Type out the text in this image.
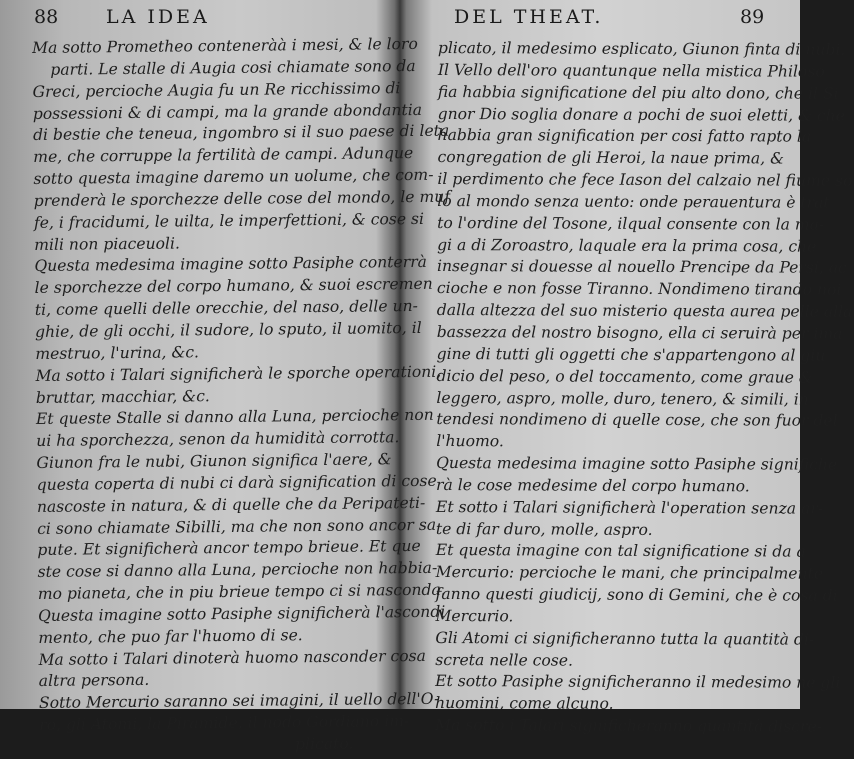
88	LA IDEA
Ma sotto Prometheo conteneràà i mesi, & le loro
parti. Le stalle di Augia cosi chiamate sono da
Greci, percioche Augia fu un Re ricchissimo di
possessioni & di campi, ma la grande abondantia
di bestie che teneua, ingombro si il suo paese di leta
me, che corruppe la fertilità de campi. Adunque
sotto questa imagine daremo un uolume, che com-
prenderà le sporchezze delle cose del mondo, le muf
fe, i fracidumi, le uilta, le imperfettioni, & cose si
mili non piaceuoli.
Questa medesima imagine sotto Pasiphe conterrà
le sporchezze del corpo humano, & suoi escremen
ti, come quelli delle orecchie, del naso, delle un-
ghie, de gli occhi, il sudore, lo sputo, il uomito, il
mestruo, l'urina, &c.
Ma sotto i Talari significherà le sporche operationi,
bruttar, macchiar, &c.
Et queste Stalle si danno alla Luna, percioche non
ui ha sporchezza, senon da humidità corrotta.
Giunon fra le nubi, Giunon significa l'aere, &
questa coperta di nubi ci darà signification di cose
nascoste in natura, & di quelle che da Peripateti-
ci sono chiamate Sibilli, ma che non sono ancor sa
pute. Et significherà ancor tempo brieue. Et que
ste cose si danno alla Luna, percioche non habbia-
mo pianeta, che in piu brieue tempo ci si nasconda.
Questa imagine sotto Pasiphe significherà l'ascondi
mento, che puo far l'huomo di se.
Ma sotto i Talari dinoterà huomo nasconder cosa
altra persona.
Sotto Mercurio saranno sei imagini, il uello dell'O-
ro, gli Atomi, la Piramide, il nodo Gordiano im-
plicato.
DEL THEAT.	89
plicato, il medesimo esplicato, Giunon finta di nubi.
Il Vello dell'oro quantunque nella mistica Philoso
fia habbia significatione del piu alto dono, che il Si
gnor Dio soglia donare a pochi de suoi eletti, & che
habbia gran signification per cosi fatto rapto la
congregation de gli Heroi, la naue prima, &
il perdimento che fece Iason del calzaio nel fiume so
lo al mondo senza uento: onde perauentura è trat
to l'ordine del Tosone, ilqual consente con la ma-
gi a di Zoroastro, laquale era la prima cosa, che
insegnar si douesse al nouello Prencipe da Persi, ac
cioche e non fosse Tiranno. Nondimeno tirando noi
dalla altezza del suo misterio questa aurea pelle alla
bassezza del nostro bisogno, ella ci seruirà per ima
gine di tutti gli oggetti che s'appartengono al giu
dicio del peso, o del toccamento, come graue &
leggero, aspro, molle, duro, tenero, & simili, in
tendesi nondimeno di quelle cose, che son fuor del
l'huomo.
Questa medesima imagine sotto Pasiphe significhe
rà le cose medesime del corpo humano.
Et sotto i Talari significherà l'operation senza ar-
te di far duro, molle, aspro.
Et questa imagine con tal significatione si da a
Mercurio: percioche le mani, che principalmente
fanno questi giudicij, sono di Gemini, che è cosa di
Mercurio.
Gli Atomi ci significheranno tutta la quantità di-
screta nelle cose.
Et sotto Pasiphe significheranno il medesimo ne gli
huomini, come alcuno.
Ma sotto i Talari significheranno quantità discre-
